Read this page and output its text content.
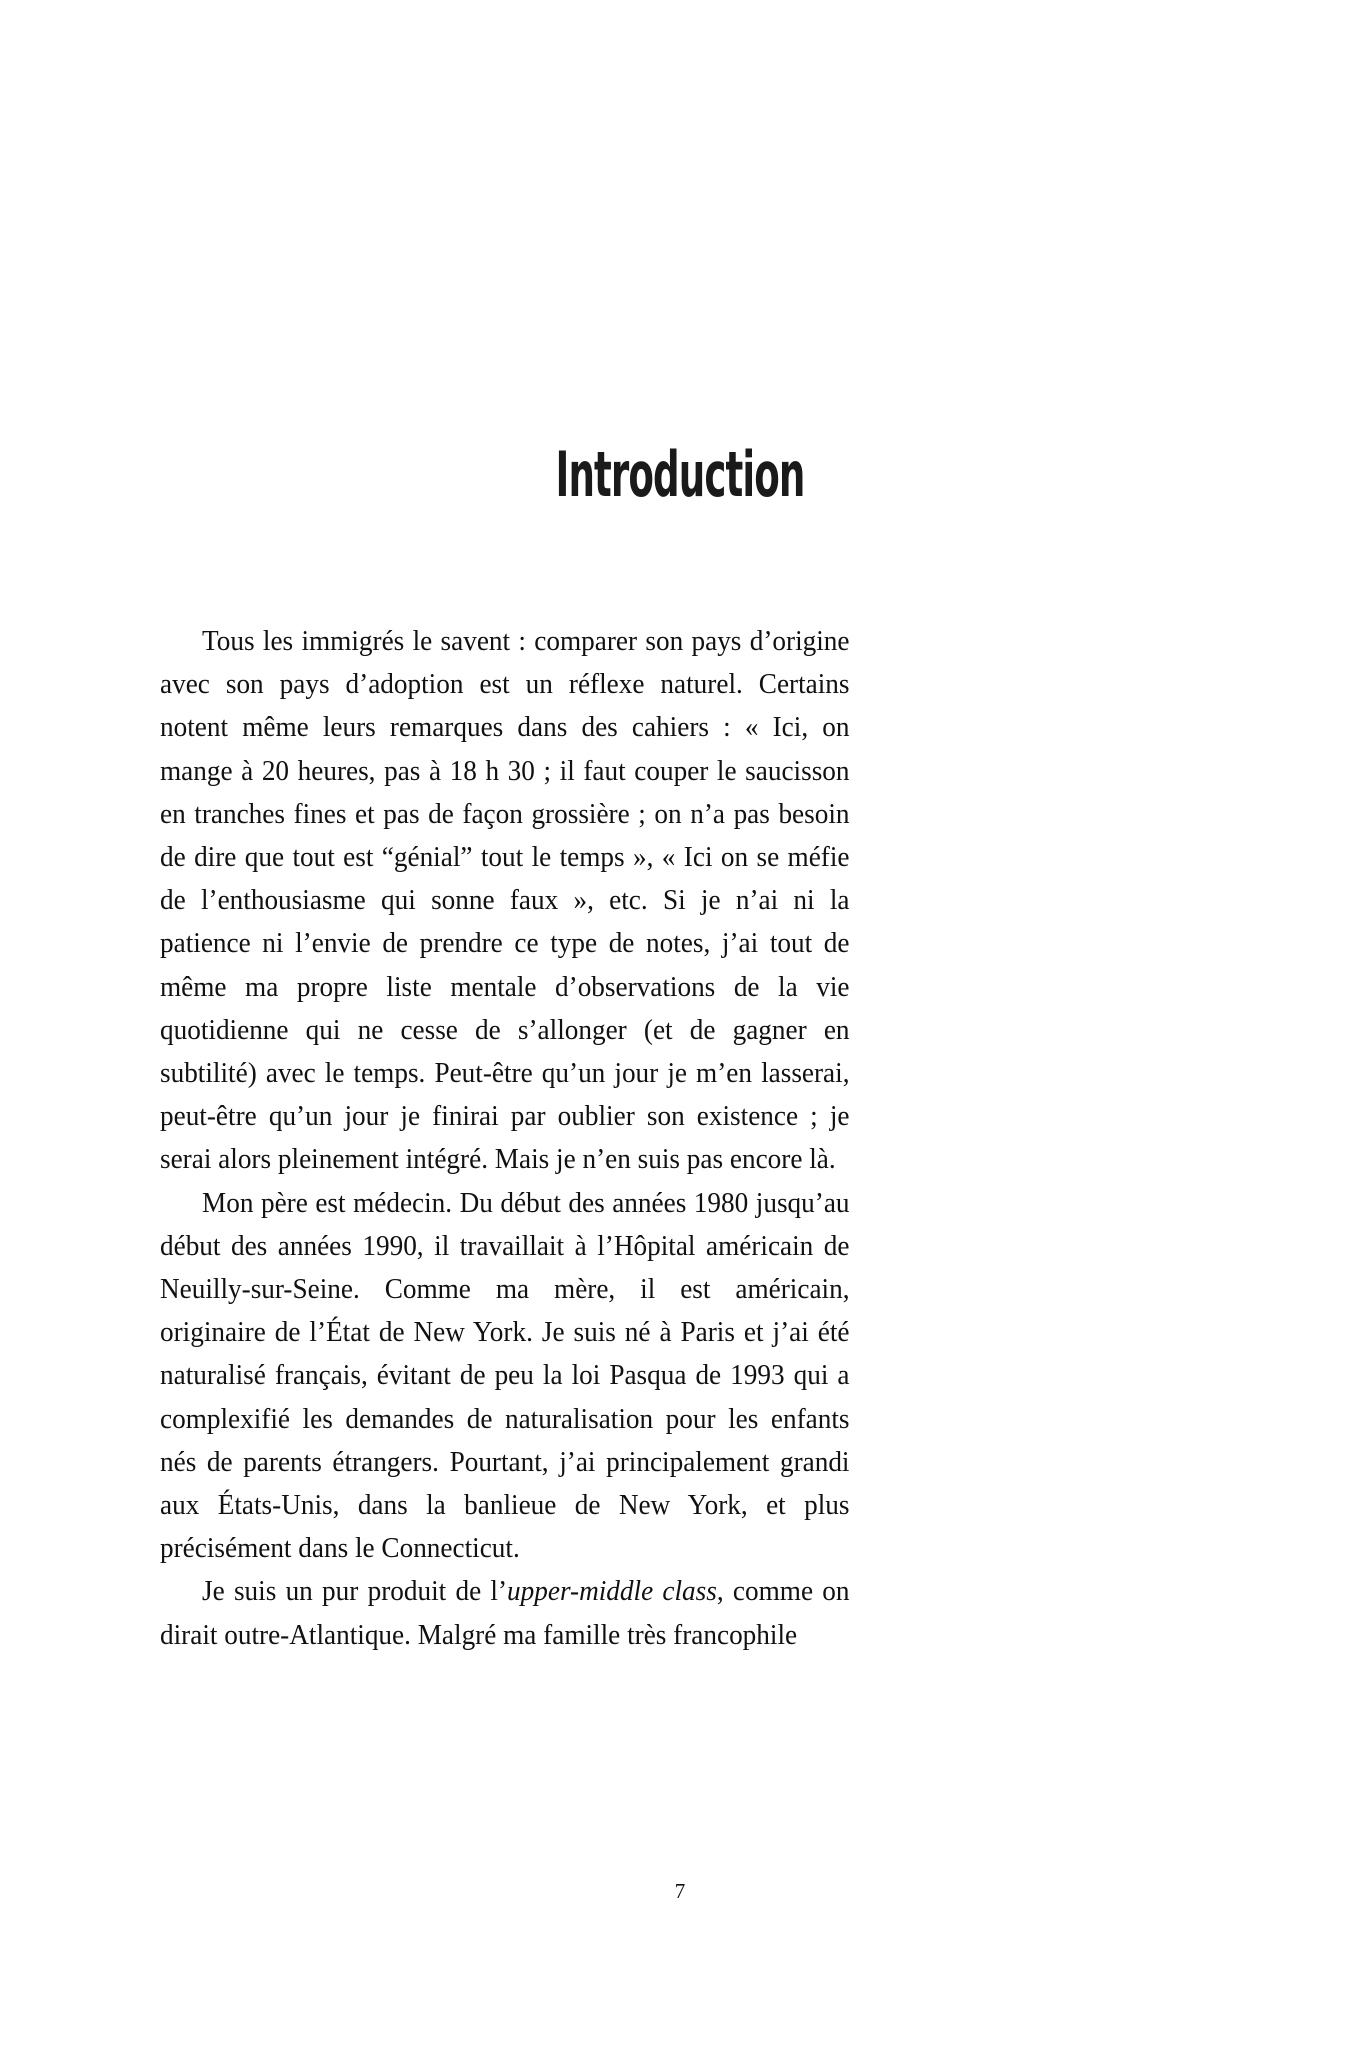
Introduction

Tous les immigrés le savent : comparer son pays d’origine avec son pays d’adoption est un réflexe naturel. Certains notent même leurs remarques dans des cahiers : « Ici, on mange à 20 heures, pas à 18 h 30 ; il faut couper le saucisson en tranches fines et pas de façon grossière ; on n’a pas besoin de dire que tout est “génial” tout le temps », « Ici on se méfie de l’enthousiasme qui sonne faux », etc. Si je n’ai ni la patience ni l’envie de prendre ce type de notes, j’ai tout de même ma propre liste mentale d’observations de la vie quotidienne qui ne cesse de s’allonger (et de gagner en subtilité) avec le temps. Peut-être qu’un jour je m’en lasserai, peut-être qu’un jour je finirai par oublier son existence ; je serai alors pleinement intégré. Mais je n’en suis pas encore là.

Mon père est médecin. Du début des années 1980 jusqu’au début des années 1990, il travaillait à l’Hôpital américain de Neuilly-sur-Seine. Comme ma mère, il est américain, originaire de l’État de New York. Je suis né à Paris et j’ai été naturalisé français, évitant de peu la loi Pasqua de 1993 qui a complexifié les demandes de naturalisation pour les enfants nés de parents étrangers. Pourtant, j’ai principalement grandi aux États-Unis, dans la banlieue de New York, et plus précisément dans le Connecticut.

Je suis un pur produit de l’upper-middle class, comme on dirait outre-Atlantique. Malgré ma famille très francophile

7
